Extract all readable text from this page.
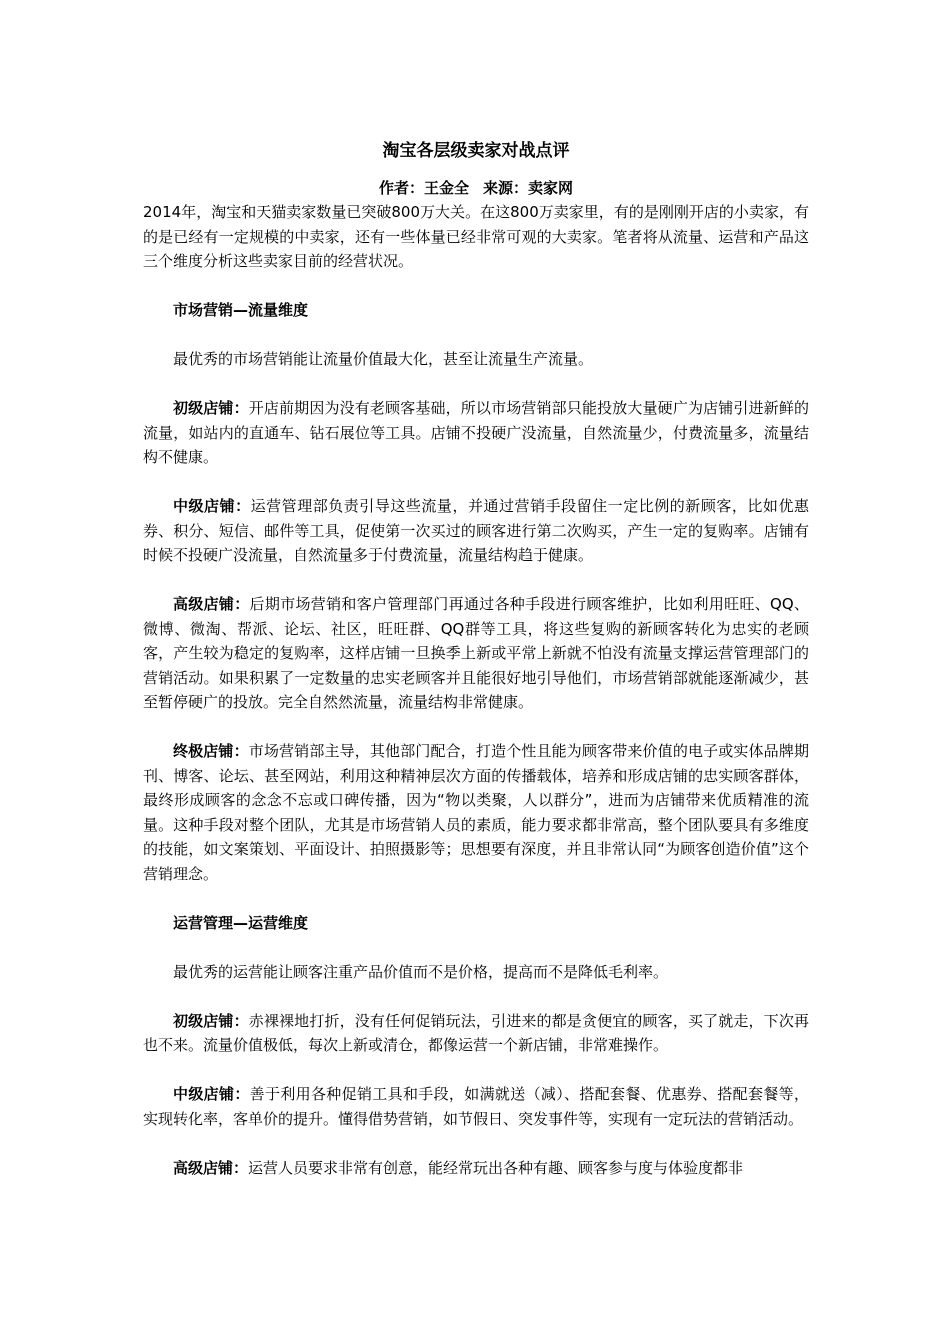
淘宝各层级卖家对战点评
作者：王金全 来源：卖家网

2014年，淘宝和天猫卖家数量已突破800万大关。在这800万卖家里，有的是刚刚开店的小卖家，有的是已经有一定规模的中卖家，还有一些体量已经非常可观的大卖家。笔者将从流量、运营和产品这三个维度分析这些卖家目前的经营状况。

市场营销—流量维度

最优秀的市场营销能让流量价值最大化，甚至让流量生产流量。

初级店铺：开店前期因为没有老顾客基础，所以市场营销部只能投放大量硬广为店铺引进新鲜的流量，如站内的直通车、钻石展位等工具。店铺不投硬广没流量，自然流量少，付费流量多，流量结构不健康。

中级店铺：运营管理部负责引导这些流量，并通过营销手段留住一定比例的新顾客，比如优惠券、积分、短信、邮件等工具，促使第一次买过的顾客进行第二次购买，产生一定的复购率。店铺有时候不投硬广没流量，自然流量多于付费流量，流量结构趋于健康。

高级店铺：后期市场营销和客户管理部门再通过各种手段进行顾客维护，比如利用旺旺、QQ、微博、微淘、帮派、论坛、社区，旺旺群、QQ群等工具，将这些复购的新顾客转化为忠实的老顾客，产生较为稳定的复购率，这样店铺一旦换季上新或平常上新就不怕没有流量支撑运营管理部门的营销活动。如果积累了一定数量的忠实老顾客并且能很好地引导他们，市场营销部就能逐渐减少，甚至暂停硬广的投放。完全自然然流量，流量结构非常健康。

终极店铺：市场营销部主导，其他部门配合，打造个性且能为顾客带来价值的电子或实体品牌期刊、博客、论坛、甚至网站，利用这种精神层次方面的传播载体，培养和形成店铺的忠实顾客群体，最终形成顾客的念念不忘或口碑传播，因为“物以类聚，人以群分”，进而为店铺带来优质精准的流量。这种手段对整个团队，尤其是市场营销人员的素质，能力要求都非常高，整个团队要具有多维度的技能，如文案策划、平面设计、拍照摄影等；思想要有深度，并且非常认同“为顾客创造价值”这个营销理念。

运营管理—运营维度

最优秀的运营能让顾客注重产品价值而不是价格，提高而不是降低毛利率。

初级店铺：赤裸裸地打折，没有任何促销玩法，引进来的都是贪便宜的顾客，买了就走，下次再也不来。流量价值极低，每次上新或清仓，都像运营一个新店铺，非常难操作。

中级店铺：善于利用各种促销工具和手段，如满就送（减）、搭配套餐、优惠券、搭配套餐等，实现转化率，客单价的提升。懂得借势营销，如节假日、突发事件等，实现有一定玩法的营销活动。

高级店铺：运营人员要求非常有创意，能经常玩出各种有趣、顾客参与度与体验度都非
